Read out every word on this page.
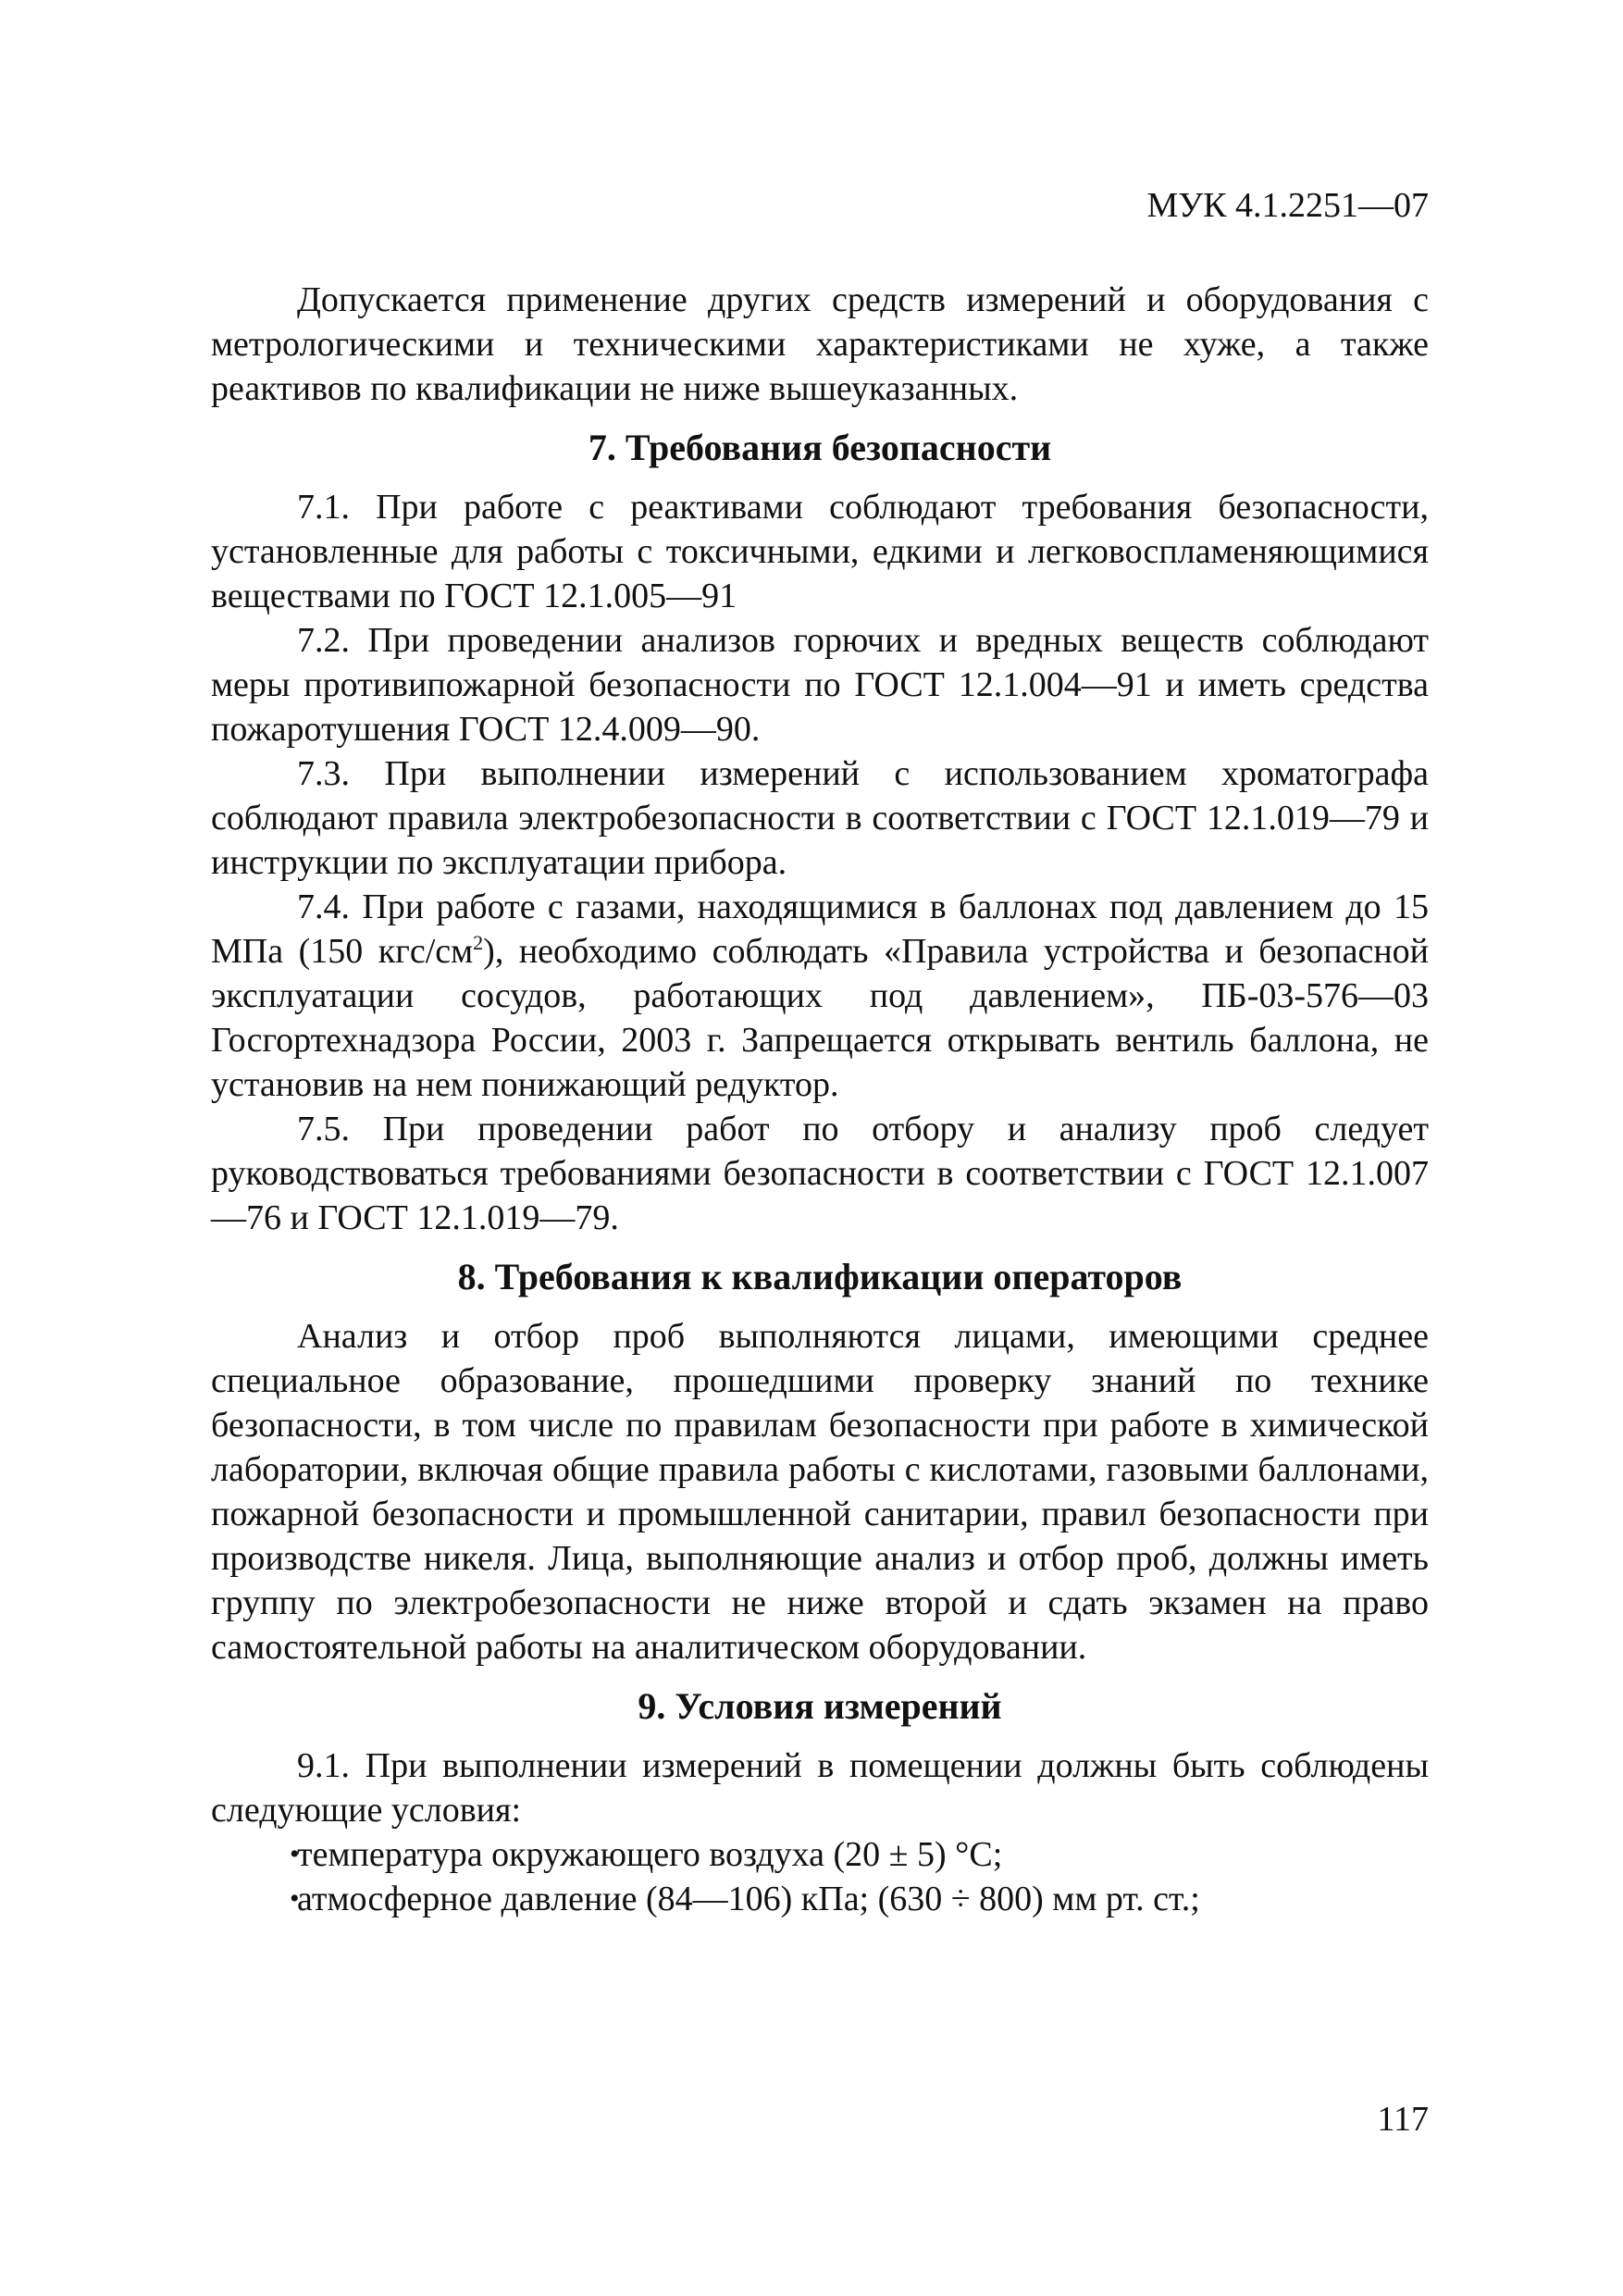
МУК 4.1.2251—07

Допускается применение других средств измерений и оборудования с метрологическими и техническими характеристиками не хуже, а также реактивов по квалификации не ниже вышеуказанных.

7. Требования безопасности

7.1. При работе с реактивами соблюдают требования безопасности, установленные для работы с токсичными, едкими и легковоспламеняющимися веществами по ГОСТ 12.1.005—91

7.2. При проведении анализов горючих и вредных веществ соблюдают меры противипожарной безопасности по ГОСТ 12.1.004—91 и иметь средства пожаротушения ГОСТ 12.4.009—90.

7.3. При выполнении измерений с использованием хроматографа соблюдают правила электробезопасности в соответствии с ГОСТ 12.1.019—79 и инструкции по эксплуатации прибора.

7.4. При работе с газами, находящимися в баллонах под давлением до 15 МПа (150 кгс/$см^2$), необходимо соблюдать «Правила устройства и безопасной эксплуатации сосудов, работающих под давлением», ПБ-03-576—03 Госгортехнадзора России, 2003 г. Запрещается открывать вентиль баллона, не установив на нем понижающий редуктор.

7.5. При проведении работ по отбору и анализу проб следует руководствоваться требованиями безопасности в соответствии с ГОСТ 12.1.007—76 и ГОСТ 12.1.019—79.

8. Требования к квалификации операторов

Анализ и отбор проб выполняются лицами, имеющими среднее специальное образование, прошедшими проверку знаний по технике безопасности, в том числе по правилам безопасности при работе в химической лаборатории, включая общие правила работы с кислотами, газовыми баллонами, пожарной безопасности и промышленной санитарии, правил безопасности при производстве никеля. Лица, выполняющие анализ и отбор проб, должны иметь группу по электробезопасности не ниже второй и сдать экзамен на право самостоятельной работы на аналитическом оборудовании.

9. Условия измерений

9.1. При выполнении измерений в помещении должны быть соблюдены следующие условия:

•
температура окружающего воздуха (20 ± 5) °С;
•
атмосферное давление (84—106) кПа; (630 ÷ 800) мм рт. ст.;
117
